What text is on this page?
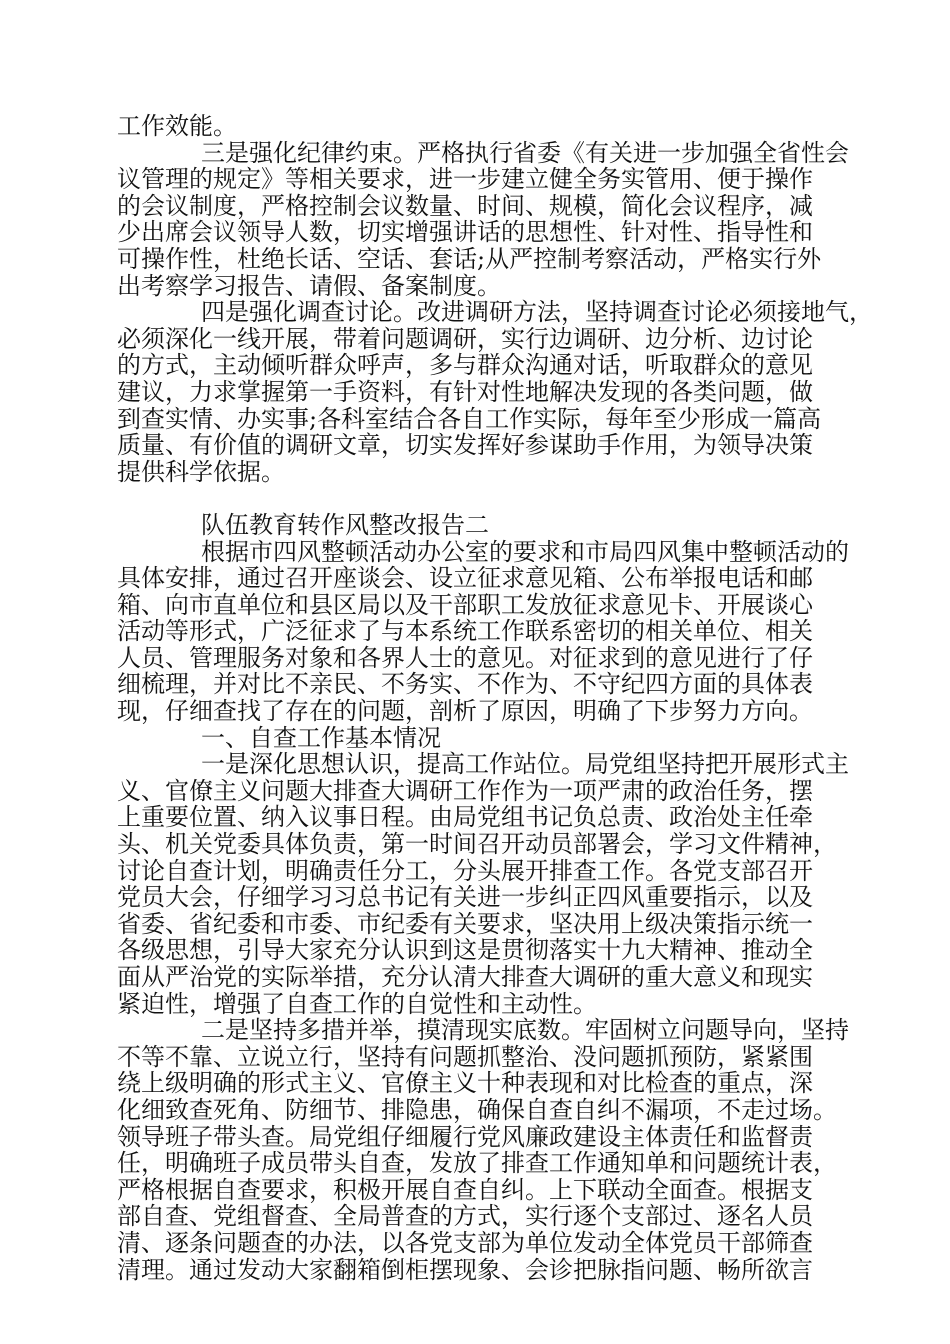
工作效能。
三是强化纪律约束。严格执行省委《有关进一步加强全省性会
议管理的规定》等相关要求，进一步建立健全务实管用、便于操作
的会议制度，严格控制会议数量、时间、规模，简化会议程序，减
少出席会议领导人数，切实增强讲话的思想性、针对性、指导性和
可操作性，杜绝长话、空话、套话;从严控制考察活动，严格实行外
出考察学习报告、请假、备案制度。
四是强化调查讨论。改进调研方法，坚持调查讨论必须接地气，
必须深化一线开展，带着问题调研，实行边调研、边分析、边讨论
的方式，主动倾听群众呼声，多与群众沟通对话，听取群众的意见
建议，力求掌握第一手资料，有针对性地解决发现的各类问题，做
到查实情、办实事;各科室结合各自工作实际，每年至少形成一篇高
质量、有价值的调研文章，切实发挥好参谋助手作用，为领导决策
提供科学依据。
队伍教育转作风整改报告二
根据市四风整顿活动办公室的要求和市局四风集中整顿活动的
具体安排，通过召开座谈会、设立征求意见箱、公布举报电话和邮
箱、向市直单位和县区局以及干部职工发放征求意见卡、开展谈心
活动等形式，广泛征求了与本系统工作联系密切的相关单位、相关
人员、管理服务对象和各界人士的意见。对征求到的意见进行了仔
细梳理，并对比不亲民、不务实、不作为、不守纪四方面的具体表
现，仔细查找了存在的问题，剖析了原因，明确了下步努力方向。
一、自查工作基本情况
一是深化思想认识，提高工作站位。局党组坚持把开展形式主
义、官僚主义问题大排查大调研工作作为一项严肃的政治任务，摆
上重要位置、纳入议事日程。由局党组书记负总责、政治处主任牵
头、机关党委具体负责，第一时间召开动员部署会，学习文件精神，
讨论自查计划，明确责任分工，分头展开排查工作。各党支部召开
党员大会，仔细学习习总书记有关进一步纠正四风重要指示，以及
省委、省纪委和市委、市纪委有关要求，坚决用上级决策指示统一
各级思想，引导大家充分认识到这是贯彻落实十九大精神、推动全
面从严治党的实际举措，充分认清大排查大调研的重大意义和现实
紧迫性，增强了自查工作的自觉性和主动性。
二是坚持多措并举，摸清现实底数。牢固树立问题导向，坚持
不等不靠、立说立行，坚持有问题抓整治、没问题抓预防，紧紧围
绕上级明确的形式主义、官僚主义十种表现和对比检查的重点，深
化细致查死角、防细节、排隐患，确保自查自纠不漏项，不走过场。
领导班子带头查。局党组仔细履行党风廉政建设主体责任和监督责
任，明确班子成员带头自查，发放了排查工作通知单和问题统计表，
严格根据自查要求，积极开展自查自纠。上下联动全面查。根据支
部自查、党组督查、全局普查的方式，实行逐个支部过、逐名人员
清、逐条问题查的办法，以各党支部为单位发动全体党员干部筛查
清理。通过发动大家翻箱倒柜摆现象、会诊把脉指问题、畅所欲言
